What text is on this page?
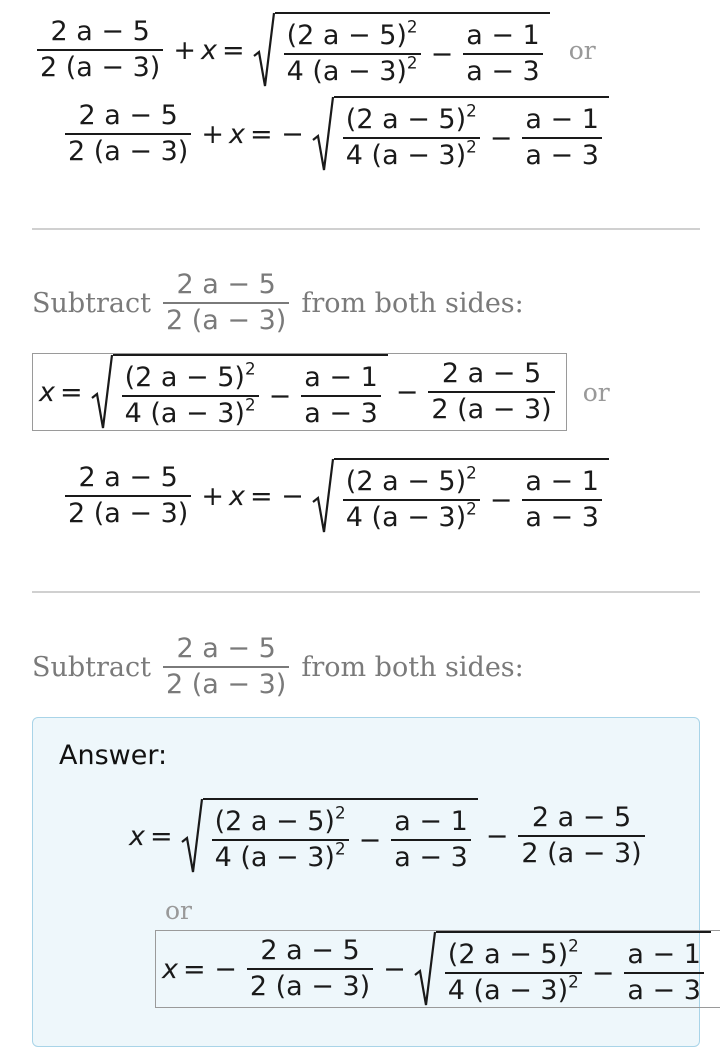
$\frac{2 a - 5}{2 (a - 3)} + x = \frac{(2 a - 5)^2}{4 (a - 3)^2} - \frac{a - 1}{a - 3}$ or
$\frac{2 a - 5}{2 (a - 3)} + x$ = − $\frac{(2 a - 5)^2}{4 (a - 3)^2} - \frac{a - 1}{a - 3}$
Subtract $\frac{2 a - 5}{2 (a - 3)}$ from both sides:
$x = \frac{(2 a - 5)^2}{4 (a - 3)^2} - \frac{a - 1}{a - 3} - \frac{2 a - 5}{2 (a - 3)}$ or
$\frac{2 a - 5}{2 (a - 3)} + x$ = − $\frac{(2 a - 5)^2}{4 (a - 3)^2} - \frac{a - 1}{a - 3}$
Subtract $\frac{2 a - 5}{2 (a - 3)}$ from both sides:
Answer:
$x = \frac{(2 a - 5)^2}{4 (a - 3)^2} - \frac{a - 1}{a - 3} - \frac{2 a - 5}{2 (a - 3)}$
or
x = − $\frac{2 a - 5}{2 (a - 3)} - \frac{(2 a - 5)^2}{4 (a - 3)^2} - \frac{a - 1}{a - 3}$
